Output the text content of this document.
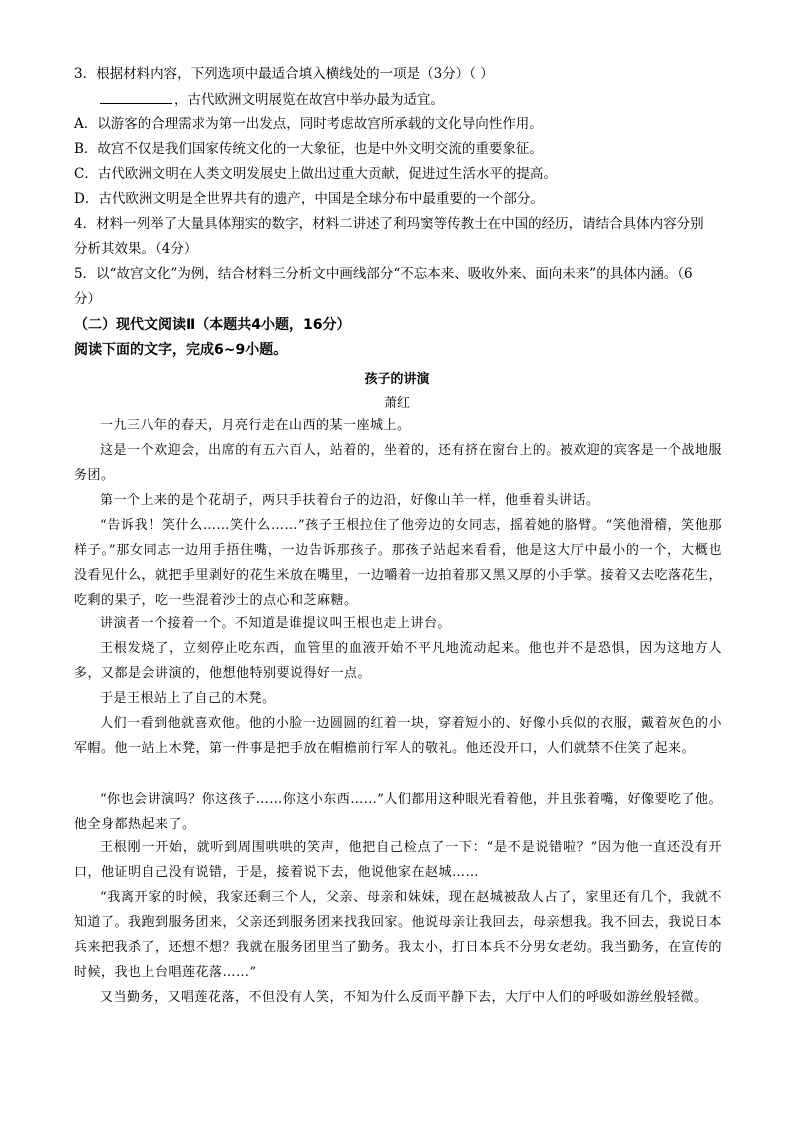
3．根据材料内容，下列选项中最适合填入横线处的一项是（3分）（ ）
，古代欧洲文明展览在故宫中举办最为适宜。
A．以游客的合理需求为第一出发点，同时考虑故宫所承载的文化导向性作用。
B．故宫不仅是我们国家传统文化的一大象征，也是中外文明交流的重要象征。
C．古代欧洲文明在人类文明发展史上做出过重大贡献，促进过生活水平的提高。
D．古代欧洲文明是全世界共有的遗产，中国是全球分布中最重要的一个部分。
4．材料一列举了大量具体翔实的数字，材料二讲述了利玛窦等传教士在中国的经历，请结合具体内容分别
分析其效果。（4分）
5．以“故宫文化”为例，结合材料三分析文中画线部分“不忘本来、吸收外来、面向未来”的具体内涵。（6
分）
（二）现代文阅读Ⅱ（本题共4小题，16分）
阅读下面的文字，完成6~9小题。
孩子的讲演
萧红
一九三八年的春天，月亮行走在山西的某一座城上。
这是一个欢迎会，出席的有五六百人，站着的，坐着的，还有挤在窗台上的。被欢迎的宾客是一个战地服务团。
第一个上来的是个花胡子，两只手扶着台子的边沿，好像山羊一样，他垂着头讲话。
“告诉我！笑什么……笑什么……”孩子王根拉住了他旁边的女同志，摇着她的胳臂。“笑他滑稽，笑他那样子。”那女同志一边用手捂住嘴，一边告诉那孩子。那孩子站起来看看，他是这大厅中最小的一个，大概也没看见什么，就把手里剥好的花生米放在嘴里，一边嚼着一边拍着那又黑又厚的小手掌。接着又去吃落花生，吃剩的果子，吃一些混着沙土的点心和芝麻糖。
讲演者一个接着一个。不知道是谁提议叫王根也走上讲台。
王根发烧了，立刻停止吃东西，血管里的血液开始不平凡地流动起来。他也并不是恐惧，因为这地方人多，又都是会讲演的，他想他特别要说得好一点。
于是王根站上了自己的木凳。
人们一看到他就喜欢他。他的小脸一边圆圆的红着一块，穿着短小的、好像小兵似的衣服，戴着灰色的小军帽。他一站上木凳，第一件事是把手放在帽檐前行军人的敬礼。他还没开口，人们就禁不住笑了起来。
“你也会讲演吗？你这孩子……你这小东西……”人们都用这种眼光看着他，并且张着嘴，好像要吃了他。他全身都热起来了。
王根刚一开始，就听到周围哄哄的笑声，他把自己检点了一下：“是不是说错啦？”因为他一直还没有开口，他证明自己没有说错，于是，接着说下去，他说他家在赵城……
“我离开家的时候，我家还剩三个人，父亲、母亲和妹妹，现在赵城被敌人占了，家里还有几个，我就不知道了。我跑到服务团来，父亲还到服务团来找我回家。他说母亲让我回去，母亲想我。我不回去，我说日本兵来把我杀了，还想不想？我就在服务团里当了勤务。我太小，打日本兵不分男女老幼。我当勤务，在宣传的时候，我也上台唱莲花落……”
又当勤务，又唱莲花落，不但没有人笑，不知为什么反而平静下去，大厅中人们的呼吸如游丝般轻微。
